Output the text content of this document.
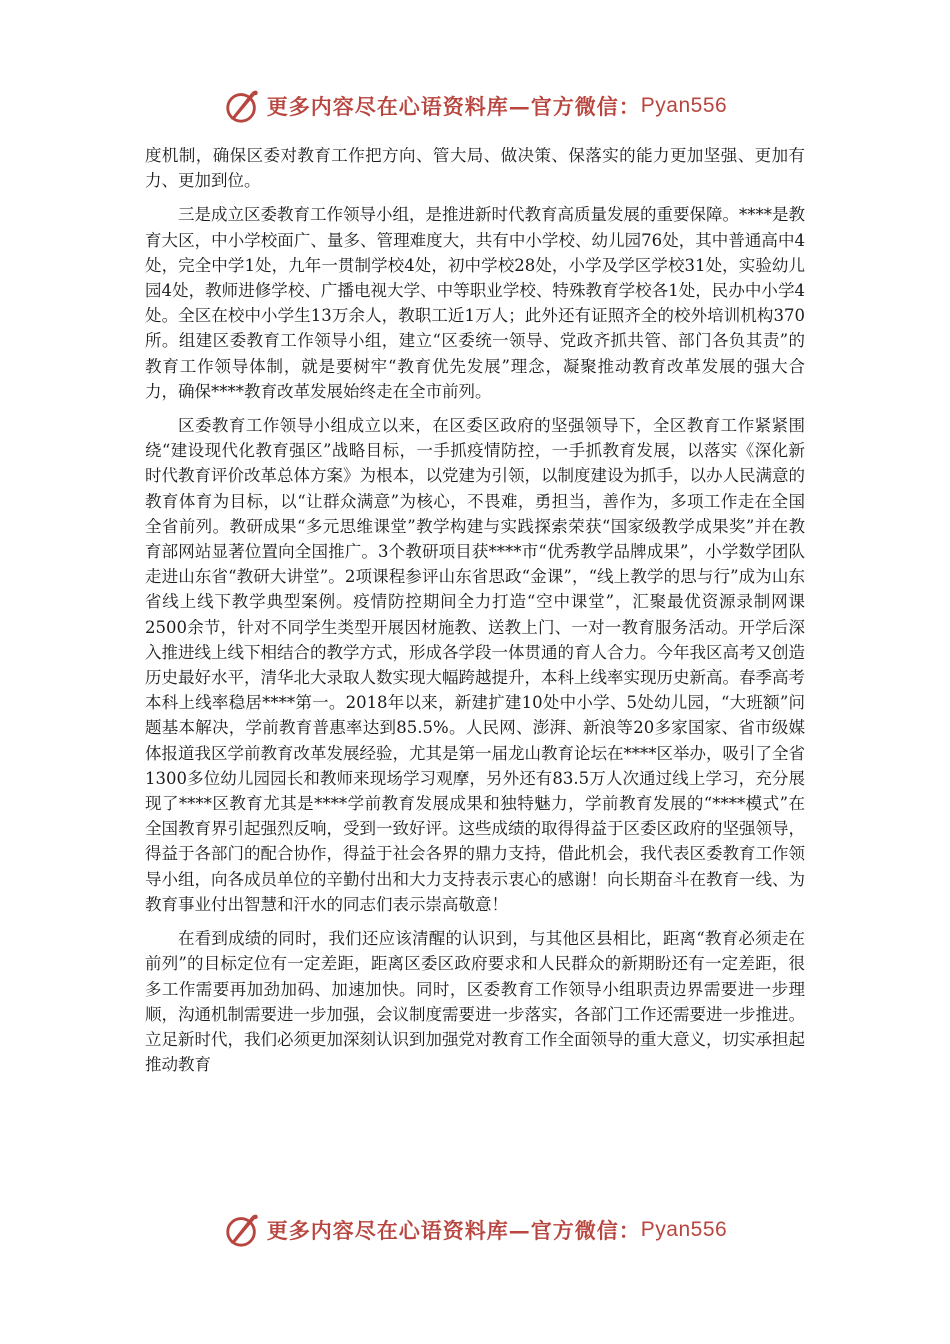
更多内容尽在心语资料库—官方微信： Pyan556

度机制，确保区委对教育工作把方向、管大局、做决策、保落实的能力更加坚强、更加有力、更加到位。

三是成立区委教育工作领导小组，是推进新时代教育高质量发展的重要保障。****是教育大区，中小学校面广、量多、管理难度大，共有中小学校、幼儿园76处，其中普通高中4处，完全中学1处，九年一贯制学校4处，初中学校28处，小学及学区学校31处，实验幼儿园4处，教师进修学校、广播电视大学、中等职业学校、特殊教育学校各1处，民办中小学4处。全区在校中小学生13万余人，教职工近1万人；此外还有证照齐全的校外培训机构370所。组建区委教育工作领导小组，建立“区委统一领导、党政齐抓共管、部门各负其责”的教育工作领导体制，就是要树牢“教育优先发展”理念，凝聚推动教育改革发展的强大合力，确保****教育改革发展始终走在全市前列。

区委教育工作领导小组成立以来，在区委区政府的坚强领导下，全区教育工作紧紧围绕“建设现代化教育强区”战略目标，一手抓疫情防控，一手抓教育发展，以落实《深化新时代教育评价改革总体方案》为根本，以党建为引领，以制度建设为抓手，以办人民满意的教育体育为目标，以“让群众满意”为核心，不畏难，勇担当，善作为，多项工作走在全国全省前列。教研成果“多元思维课堂”教学构建与实践探索荣获“国家级教学成果奖”并在教育部网站显著位置向全国推广。3个教研项目获****市“优秀教学品牌成果”，小学数学团队走进山东省“教研大讲堂”。2项课程参评山东省思政“金课”，“线上教学的思与行”成为山东省线上线下教学典型案例。疫情防控期间全力打造“空中课堂”，汇聚最优资源录制网课2500余节，针对不同学生类型开展因材施教、送教上门、一对一教育服务活动。开学后深入推进线上线下相结合的教学方式，形成各学段一体贯通的育人合力。今年我区高考又创造历史最好水平，清华北大录取人数实现大幅跨越提升，本科上线率实现历史新高。春季高考本科上线率稳居****第一。2018年以来，新建扩建10处中小学、5处幼儿园，“大班额”问题基本解决，学前教育普惠率达到85.5%。人民网、澎湃、新浪等20多家国家、省市级媒体报道我区学前教育改革发展经验，尤其是第一届龙山教育论坛在****区举办，吸引了全省1300多位幼儿园园长和教师来现场学习观摩，另外还有83.5万人次通过线上学习，充分展现了****区教育尤其是****学前教育发展成果和独特魅力，学前教育发展的“****模式”在全国教育界引起强烈反响，受到一致好评。这些成绩的取得得益于区委区政府的坚强领导，得益于各部门的配合协作，得益于社会各界的鼎力支持，借此机会，我代表区委教育工作领导小组，向各成员单位的辛勤付出和大力支持表示衷心的感谢！向长期奋斗在教育一线、为教育事业付出智慧和汗水的同志们表示崇高敬意！

在看到成绩的同时，我们还应该清醒的认识到，与其他区县相比，距离“教育必须走在前列”的目标定位有一定差距，距离区委区政府要求和人民群众的新期盼还有一定差距，很多工作需要再加劲加码、加速加快。同时，区委教育工作领导小组职责边界需要进一步理顺，沟通机制需要进一步加强，会议制度需要进一步落实，各部门工作还需要进一步推进。立足新时代，我们必须更加深刻认识到加强党对教育工作全面领导的重大意义，切实承担起推动教育

更多内容尽在心语资料库—官方微信： Pyan556
